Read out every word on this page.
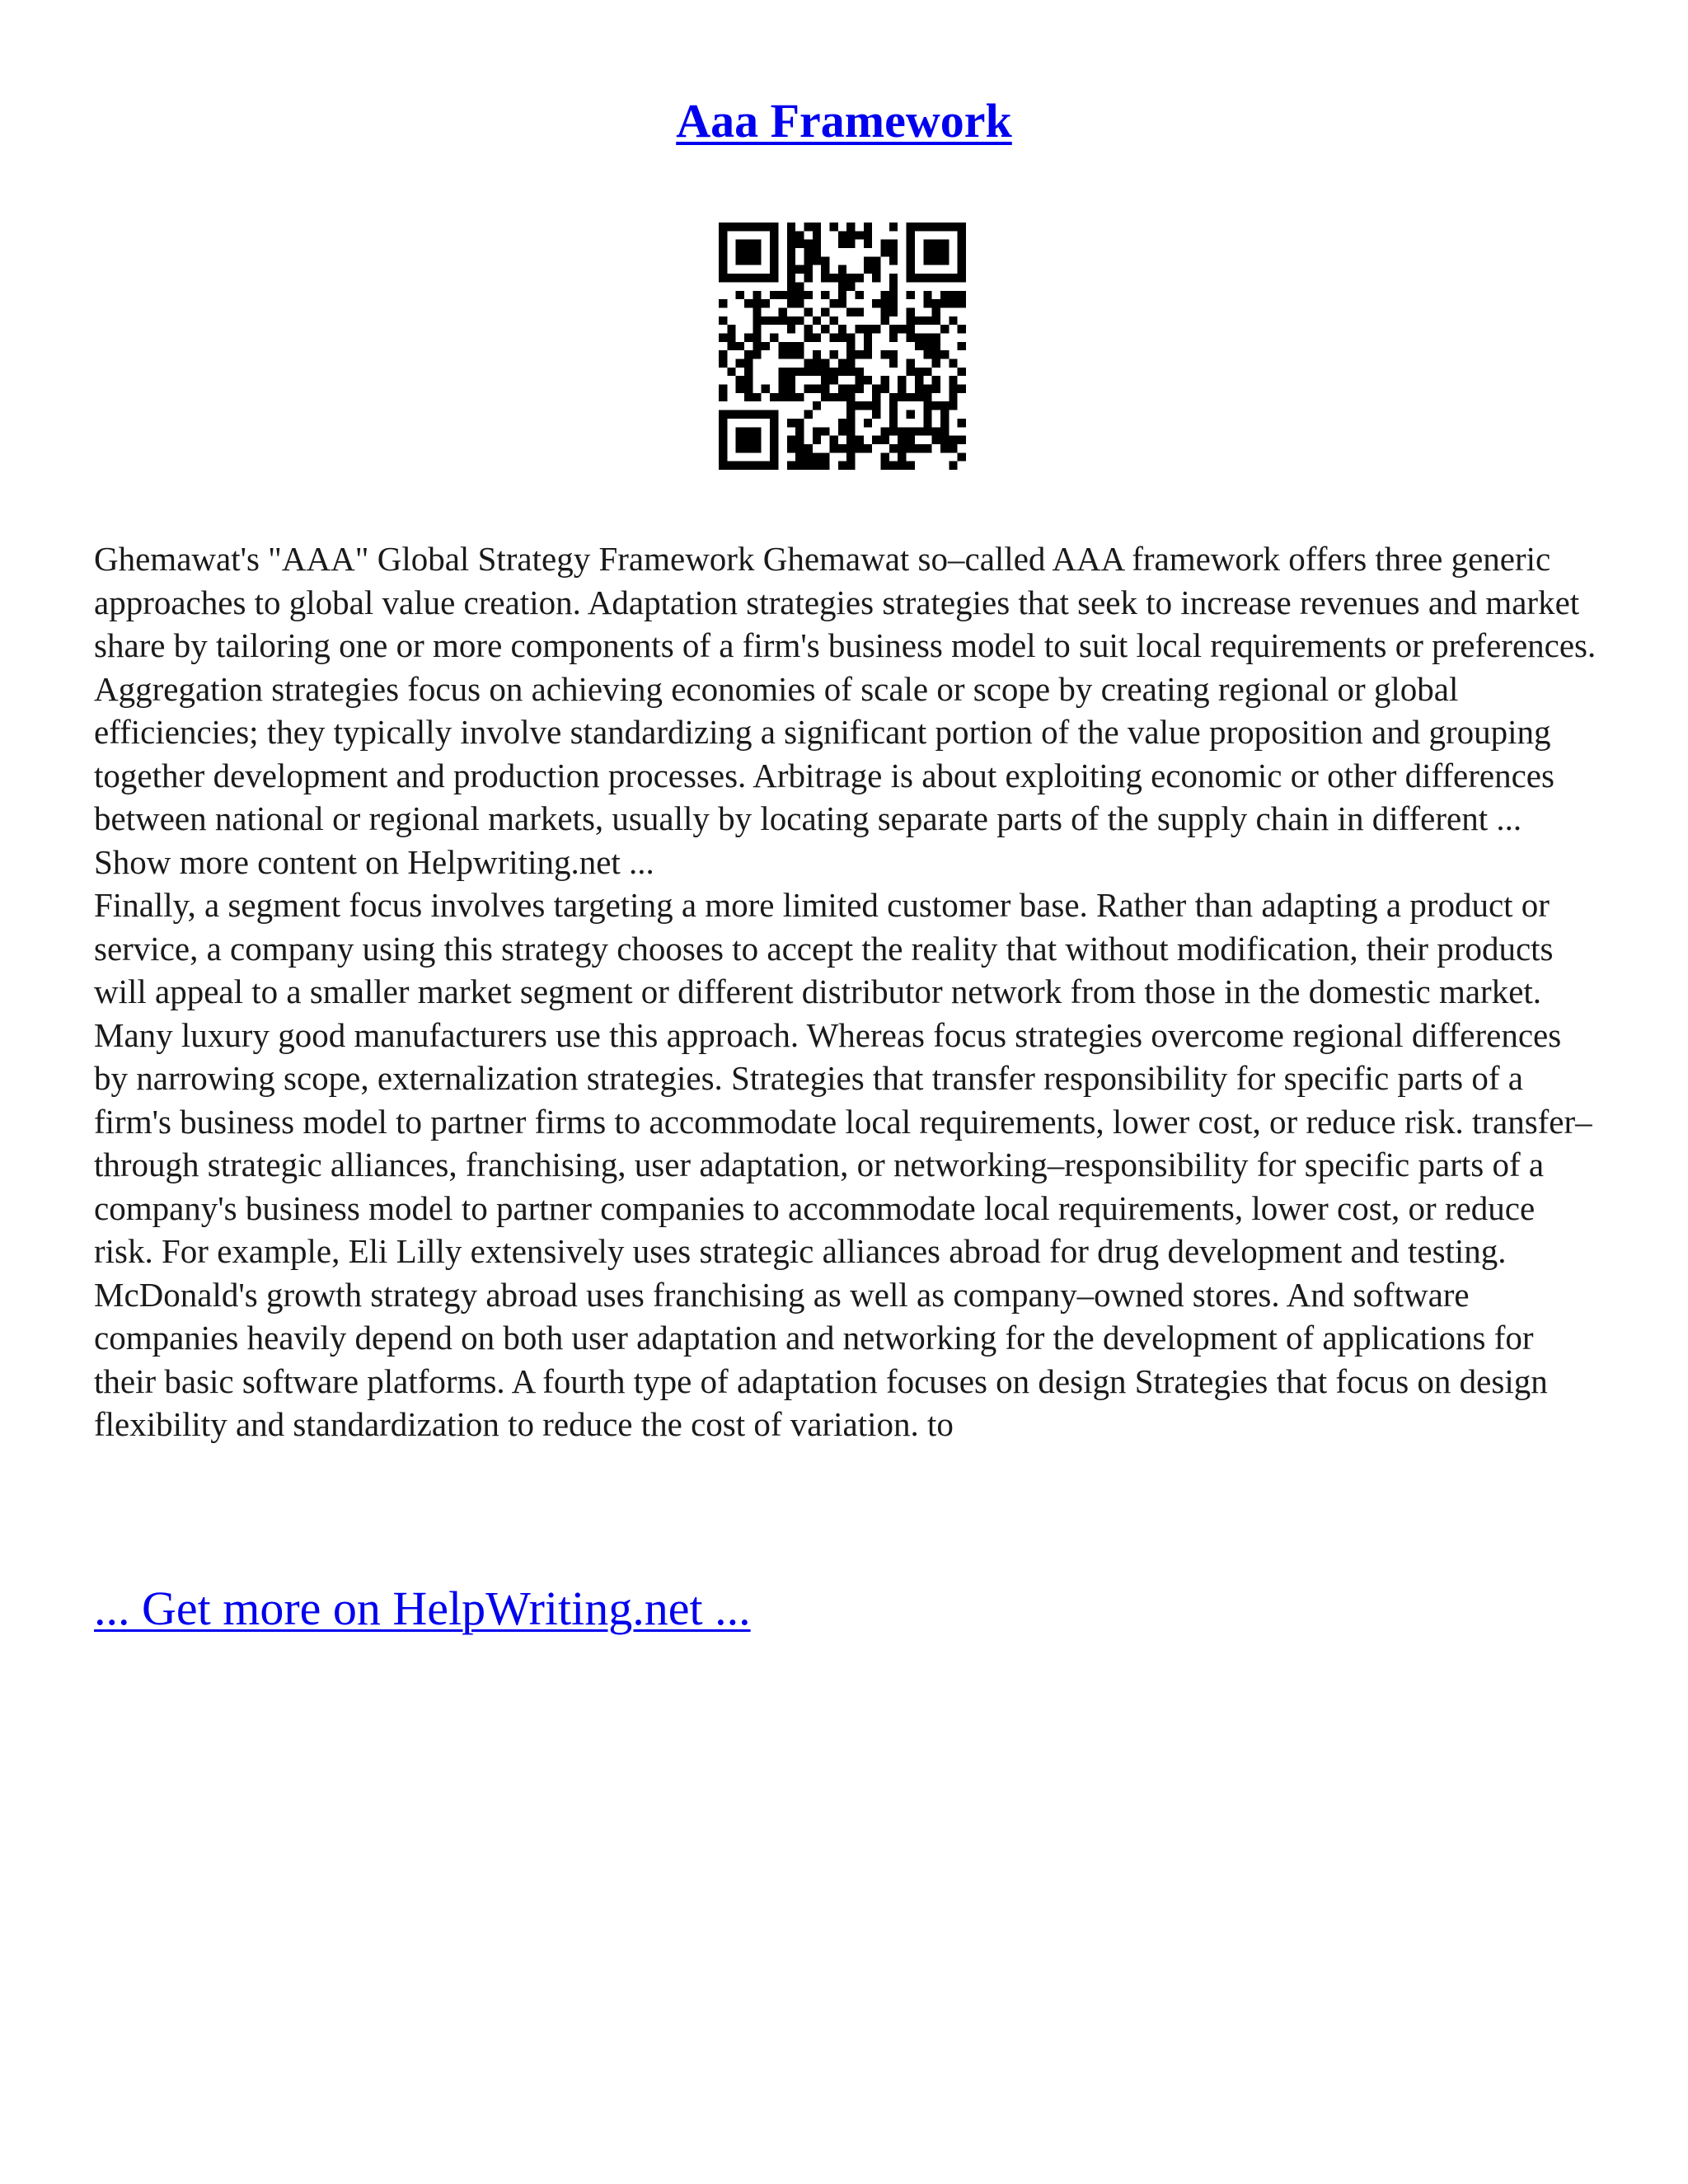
Aaa Framework

Ghemawat's "AAA" Global Strategy Framework Ghemawat so–called AAA framework offers three generic approaches to global value creation. Adaptation strategies strategies that seek to increase revenues and market share by tailoring one or more components of a firm's business model to suit local requirements or preferences. Aggregation strategies focus on achieving economies of scale or scope by creating regional or global efficiencies; they typically involve standardizing a significant portion of the value proposition and grouping together development and production processes. Arbitrage is about exploiting economic or other differences between national or regional markets, usually by locating separate parts of the supply chain in different ... Show more content on Helpwriting.net ...

Finally, a segment focus involves targeting a more limited customer base. Rather than adapting a product or service, a company using this strategy chooses to accept the reality that without modification, their products will appeal to a smaller market segment or different distributor network from those in the domestic market. Many luxury good manufacturers use this approach. Whereas focus strategies overcome regional differences by narrowing scope, externalization strategies. Strategies that transfer responsibility for specific parts of a firm's business model to partner firms to accommodate local requirements, lower cost, or reduce risk. transfer–through strategic alliances, franchising, user adaptation, or networking–responsibility for specific parts of a company's business model to partner companies to accommodate local requirements, lower cost, or reduce risk. For example, Eli Lilly extensively uses strategic alliances abroad for drug development and testing. McDonald's growth strategy abroad uses franchising as well as company–owned stores. And software companies heavily depend on both user adaptation and networking for the development of applications for their basic software platforms. A fourth type of adaptation focuses on design Strategies that focus on design flexibility and standardization to reduce the cost of variation. to

... Get more on HelpWriting.net ...
